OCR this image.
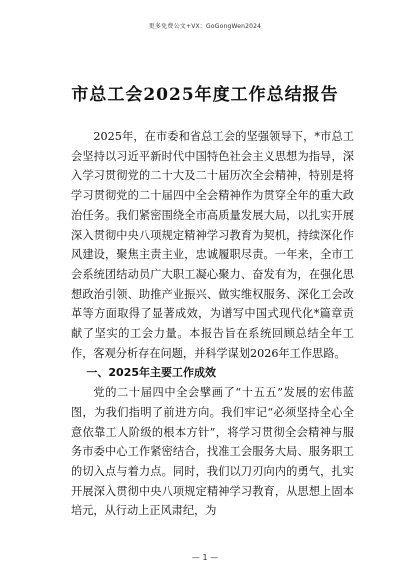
更多免费公文+VX：GoGongWen2024
市总工会2025年度工作总结报告

2025年，在市委和省总工会的坚强领导下，*市总工会坚持以习近平新时代中国特色社会主义思想为指导，深入学习贯彻党的二十大及二十届历次全会精神，特别是将学习贯彻党的二十届四中全会精神作为贯穿全年的重大政治任务。我们紧密围绕全市高质量发展大局，以扎实开展深入贯彻中央八项规定精神学习教育为契机，持续深化作风建设，聚焦主责主业，忠诚履职尽责。一年来，全市工会系统团结动员广大职工凝心聚力、奋发有为，在强化思想政治引领、助推产业振兴、做实维权服务、深化工会改革等方面取得了显著成效，为谱写中国式现代化*篇章贡献了坚实的工会力量。本报告旨在系统回顾总结全年工作，客观分析存在问题，并科学谋划2026年工作思路。

一、2025年主要工作成效

党的二十届四中全会擘画了“十五五”发展的宏伟蓝图，为我们指明了前进方向。我们牢记“必须坚持全心全意依靠工人阶级的根本方针”，将学习贯彻全会精神与服务市委中心工作紧密结合，找准工会服务大局、服务职工的切入点与着力点。同时，我们以刀刃向内的勇气，扎实开展深入贯彻中央八项规定精神学习教育，从思想上固本培元，从行动上正风肃纪，为

— 1 —
